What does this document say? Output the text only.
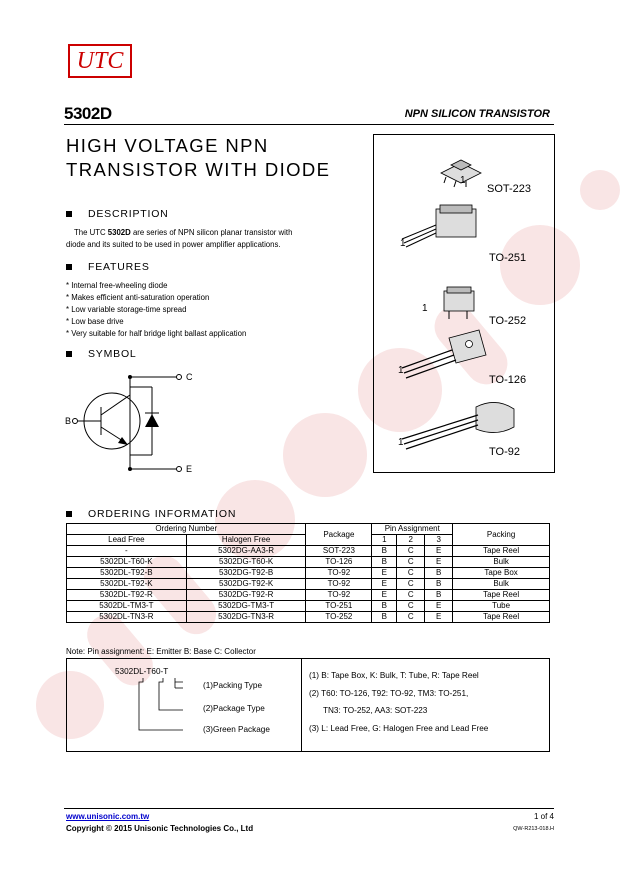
UTC
5302D	NPN SILICON TRANSISTOR
HIGH VOLTAGE NPN
TRANSISTOR WITH DIODE
DESCRIPTION
The UTC 5302D are series of NPN silicon planar transistor with
diode and its suited to be used in power amplifier applications.
FEATURES
* Internal free-wheeling diode
* Makes efficient anti-saturation operation
* Low variable storage-time spread
* Low base drive
* Very suitable for half bridge light ballast application
SYMBOL
C
B
E
1
SOT-223
1
TO-251
1
TO-252
1
TO-126
1
TO-92
ORDERING INFORMATION
Ordering Number		Package	Pin Assignment			Packing
Lead Free	Halogen Free		1	2	3	
-	5302DG-AA3-R	SOT-223	B	C	E	Tape Reel
5302DL-T60-K	5302DG-T60-K	TO-126	B	C	E	Bulk
5302DL-T92-B	5302DG-T92-B	TO-92	E	C	B	Tape Box
5302DL-T92-K	5302DG-T92-K	TO-92	E	C	B	Bulk
5302DL-T92-R	5302DG-T92-R	TO-92	E	C	B	Tape Reel
5302DL-TM3-T	5302DG-TM3-T	TO-251	B	C	E	Tube
5302DL-TN3-R	5302DG-TN3-R	TO-252	B	C	E	Tape Reel
Note: Pin assignment: E: Emitter B: Base C: Collector
5302DL-T60-T
(1)Packing Type
(2)Package Type
(3)Green Package
(1) B: Tape Box, K: Bulk, T: Tube, R: Tape Reel
(2) T60: TO-126, T92: TO-92, TM3: TO-251,
TN3: TO-252, AA3: SOT-223
(3) L: Lead Free, G: Halogen Free and Lead Free
www.unisonic.com.tw
Copyright © 2015 Unisonic Technologies Co., Ltd
1 of 4
QW-R213-018.H
